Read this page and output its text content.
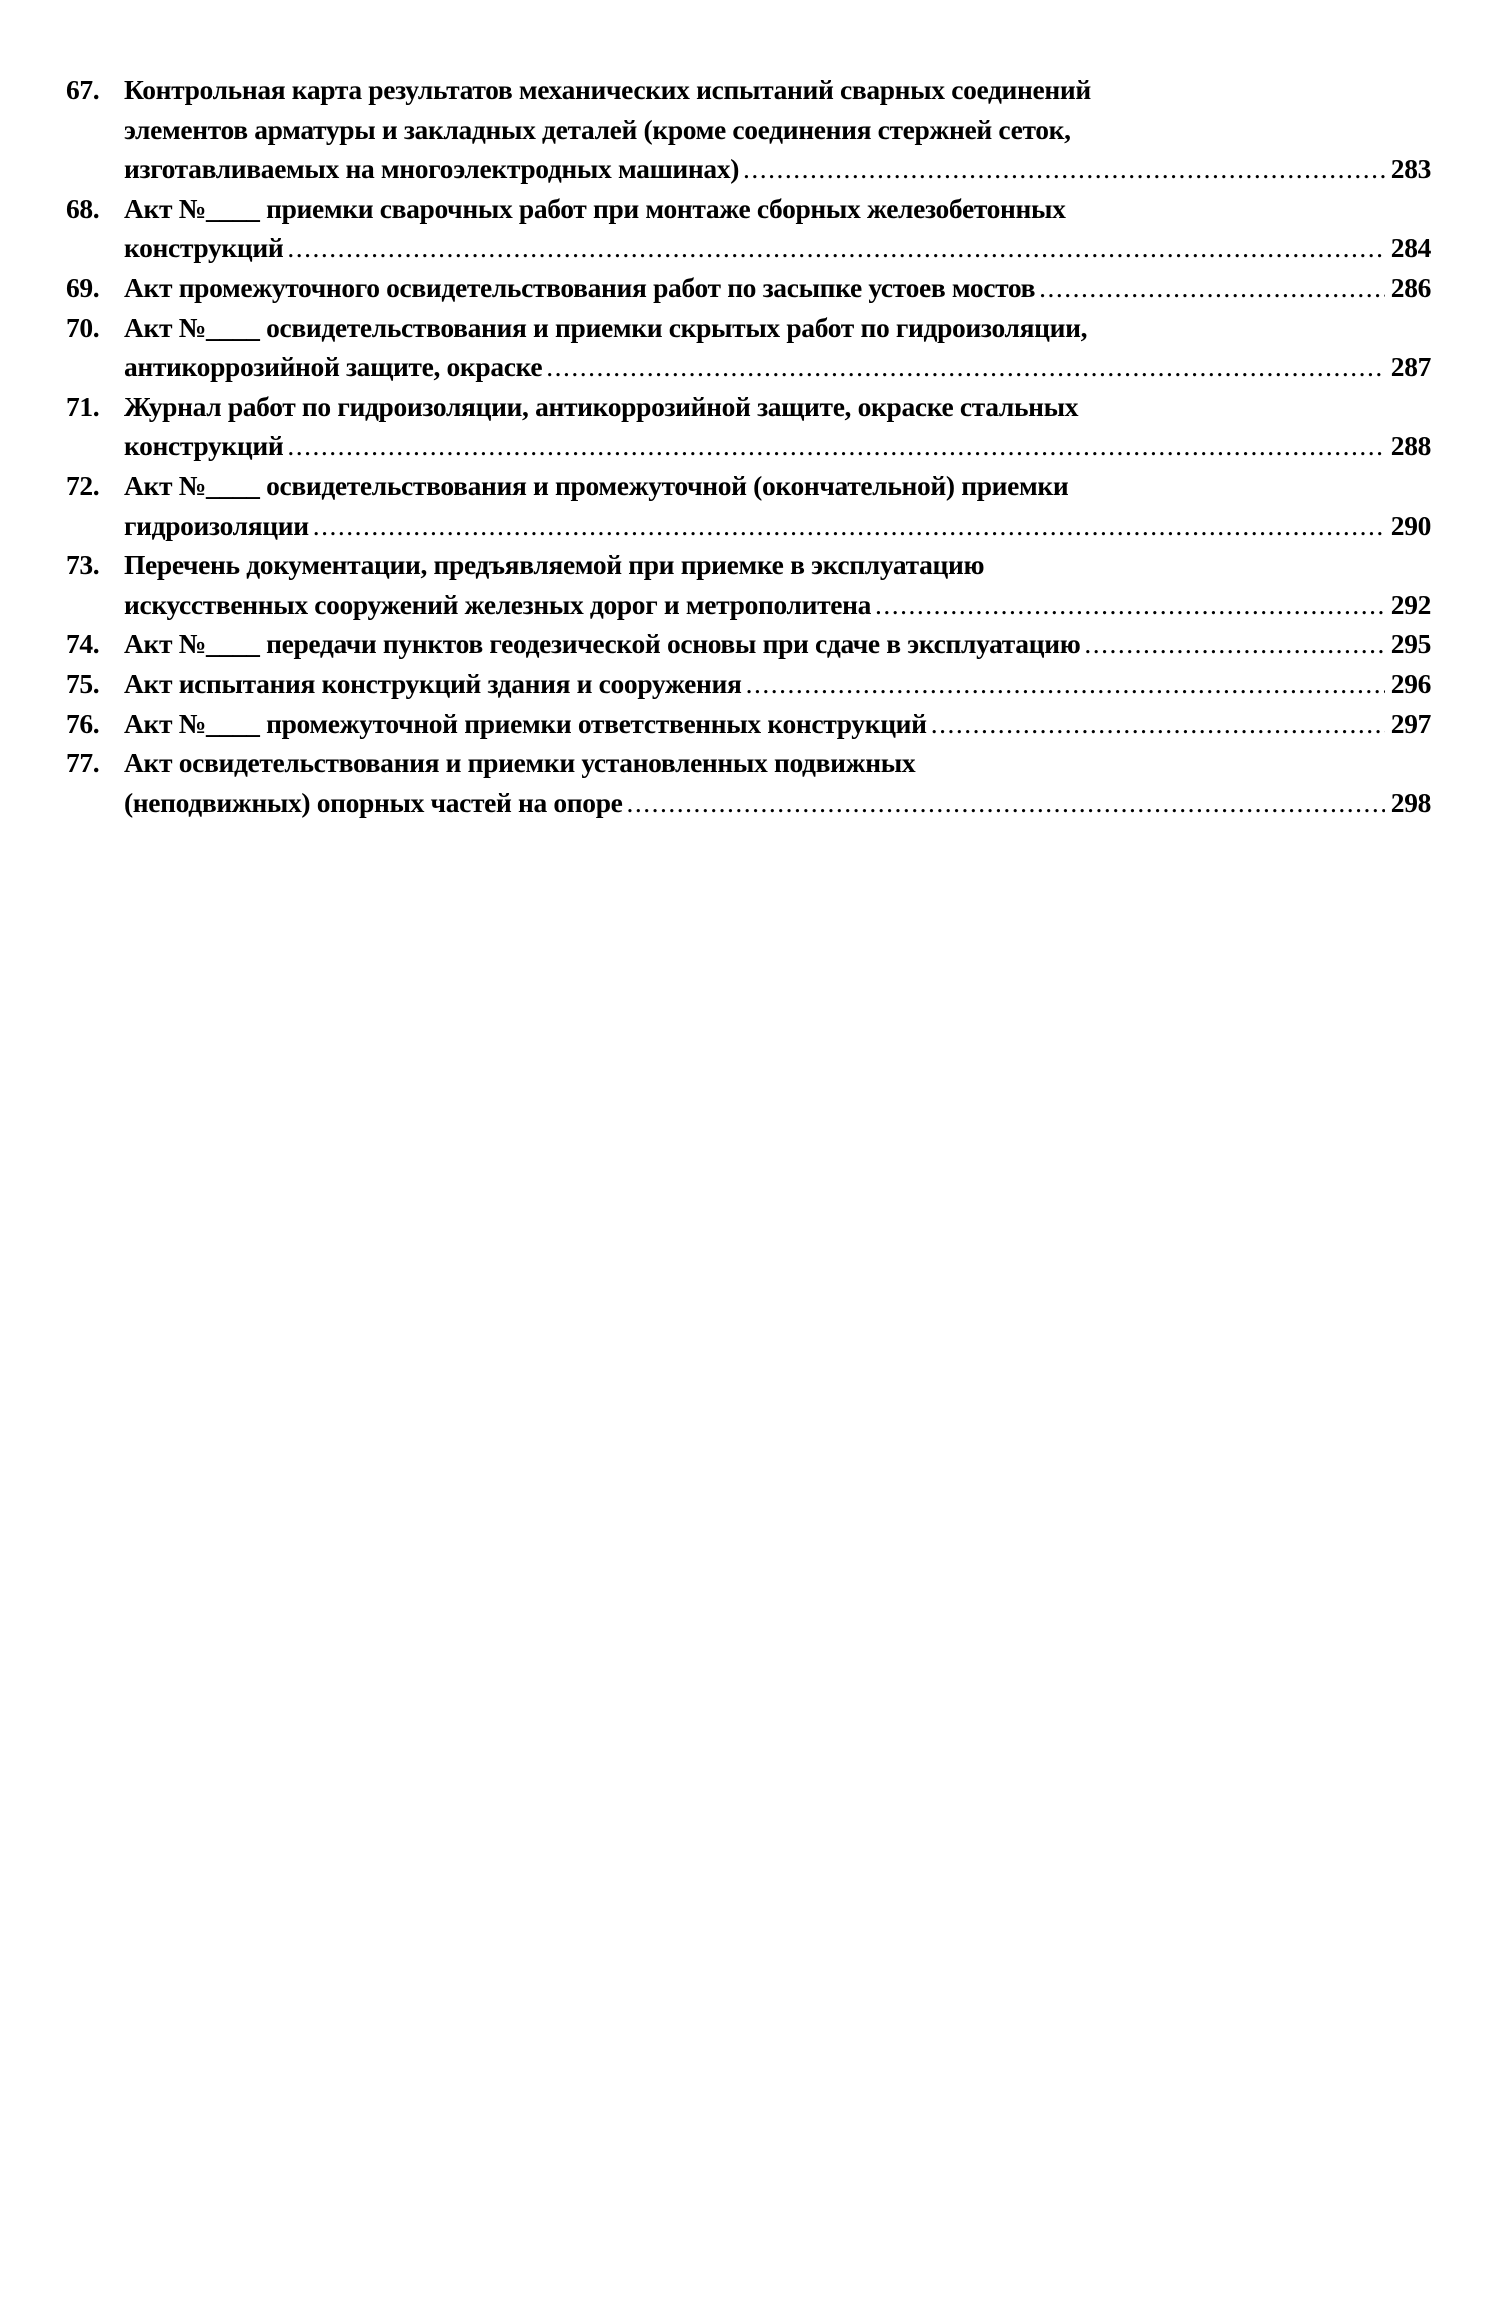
67. Контрольная карта результатов механических испытаний сварных соединений
элементов арматуры и закладных деталей (кроме соединения стержней сеток,
изготавливаемых на многоэлектродных машинах) .....	283
68. Акт №____ приемки сварочных работ при монтаже сборных железобетонных
конструкций .....	284
69. Акт промежуточного освидетельствования работ по засыпке устоев мостов .....	286
70. Акт №____ освидетельствования и приемки скрытых работ по гидроизоляции,
антикоррозийной защите, окраске .....	287
71. Журнал работ по гидроизоляции, антикоррозийной защите, окраске стальных
конструкций .....	288
72. Акт №____ освидетельствования и промежуточной (окончательной) приемки
гидроизоляции .....	290
73. Перечень документации, предъявляемой при приемке в эксплуатацию
искусственных сооружений железных дорог и метрополитена .....	292
74. Акт №____ передачи пунктов геодезической основы при сдаче в эксплуатацию .....	295
75. Акт испытания конструкций здания и сооружения .....	296
76. Акт №____ промежуточной приемки ответственных конструкций .....	297
77. Акт освидетельствования и приемки установленных подвижных
(неподвижных) опорных частей на опоре .....	298
